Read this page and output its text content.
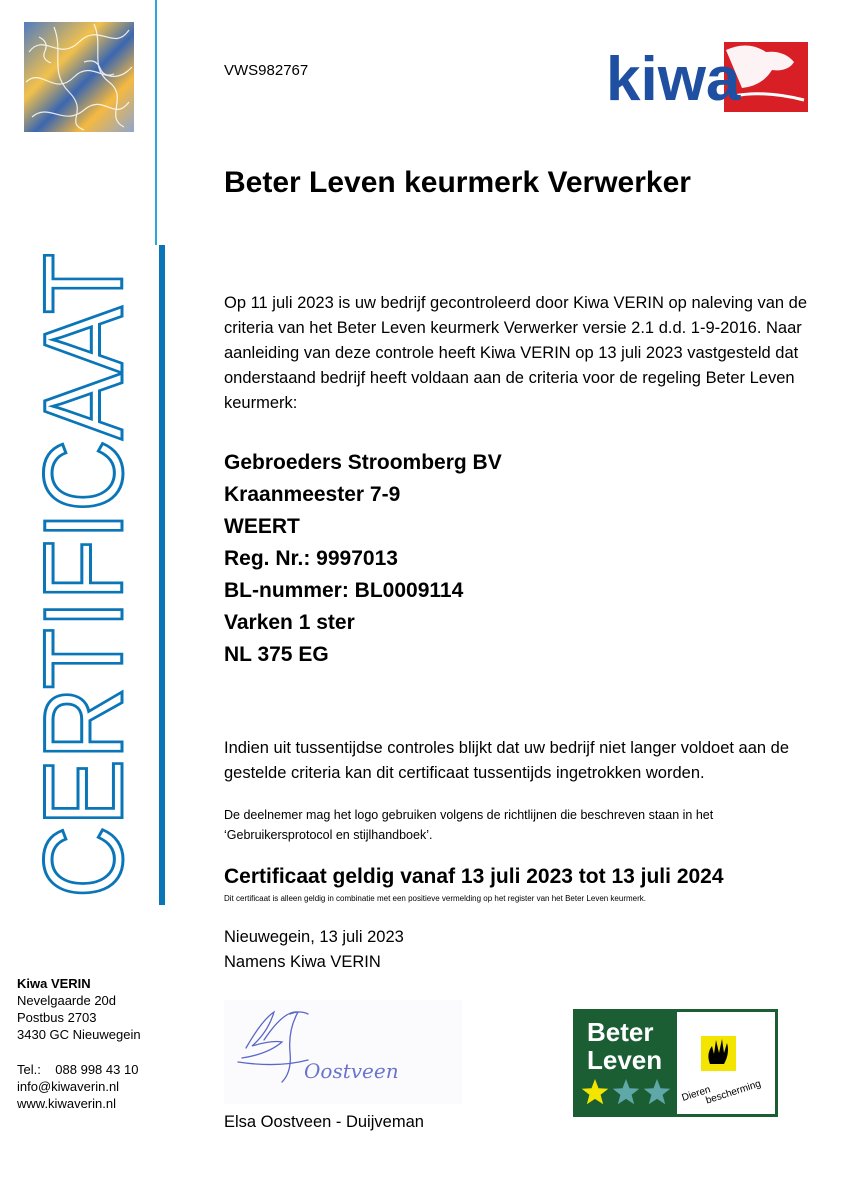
CERTIFICAAT
VWS982767	kiwa
Beter Leven keurmerk Verwerker
Op 11 juli 2023 is uw bedrijf gecontroleerd door Kiwa VERIN op naleving van de criteria van het Beter Leven keurmerk Verwerker versie 2.1 d.d. 1-9-2016. Naar aanleiding van deze controle heeft Kiwa VERIN op 13 juli 2023 vastgesteld dat onderstaand bedrijf heeft voldaan aan de criteria voor de regeling Beter Leven keurmerk:
Gebroeders Stroomberg BV
Kraanmeester 7-9
WEERT
Reg. Nr.: 9997013
BL-nummer: BL0009114
Varken 1 ster
NL 375 EG
Indien uit tussentijdse controles blijkt dat uw bedrijf niet langer voldoet aan de gestelde criteria kan dit certificaat tussentijds ingetrokken worden.
De deelnemer mag het logo gebruiken volgens de richtlijnen die beschreven staan in het ‘Gebruikersprotocol en stijlhandboek’.
Certificaat geldig vanaf 13 juli 2023 tot 13 juli 2024
Dit certificaat is alleen geldig in combinatie met een positieve vermelding op het register van het Beter Leven keurmerk.
Nieuwegein, 13 juli 2023
Namens Kiwa VERIN
Oostveen
Elsa Oostveen - Duijveman
Kiwa VERIN
Nevelgaarde 20d
Postbus 2703
3430 GC Nieuwegein
Tel.:    088 998 43 10
info@kiwaverin.nl
www.kiwaverin.nl
Beter
Leven
Dieren
bescherming
